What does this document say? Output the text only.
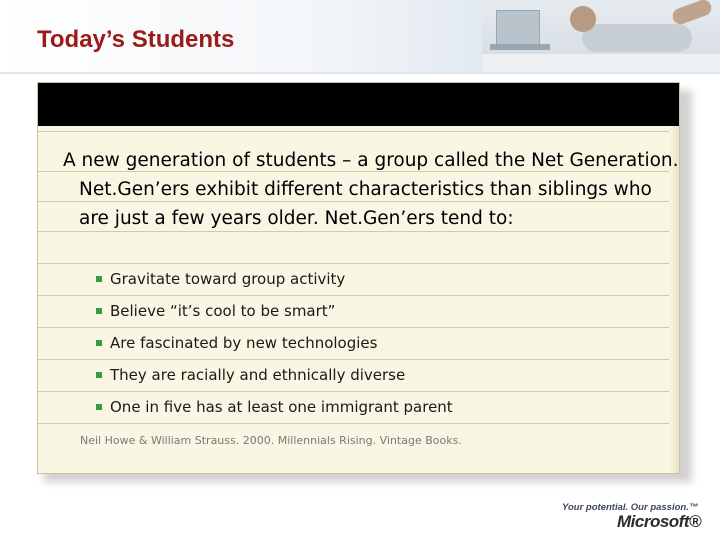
Today’s Students

A new generation of students – a group called the Net Generation. Net.Gen’ers exhibit different characteristics than siblings who are just a few years older. Net.Gen’ers tend to:

Gravitate toward group activity
Believe “it’s cool to be smart”
Are fascinated by new technologies
They are racially and ethnically diverse
One in five has at least one immigrant parent
Neil Howe & William Strauss. 2000. Millennials Rising. Vintage Books.
Your potential. Our passion.™
Microsoft®
